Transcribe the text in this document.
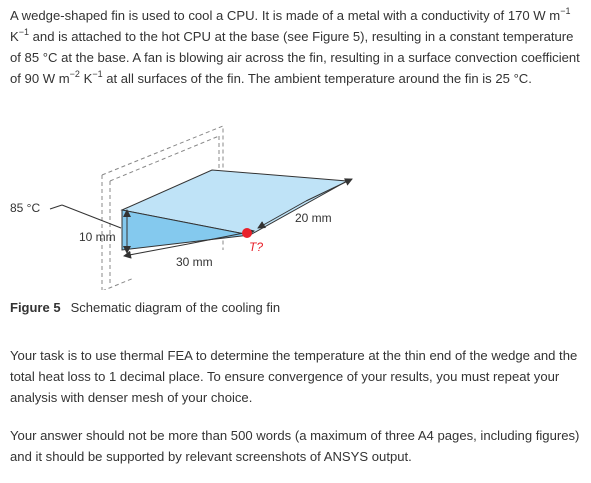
A wedge-shaped fin is used to cool a CPU. It is made of a metal with a conductivity of 170 W $m^{-1}$ $K^{-1}$ and is attached to the hot CPU at the base (see Figure 5), resulting in a constant temperature of 85 °C at the base. A fan is blowing air across the fin, resulting in a surface convection coefficient of 90 W $m^{-2}$ $K^{-1}$ at all surfaces of the fin. The ambient temperature around the fin is 25 °C.

85 °C
10 mm
30 mm
20 mm
T?
Figure 5 Schematic diagram of the cooling fin

Your task is to use thermal FEA to determine the temperature at the thin end of the wedge and the total heat loss to 1 decimal place. To ensure convergence of your results, you must repeat your analysis with denser mesh of your choice.

Your answer should not be more than 500 words (a maximum of three A4 pages, including figures) and it should be supported by relevant screenshots of ANSYS output.
